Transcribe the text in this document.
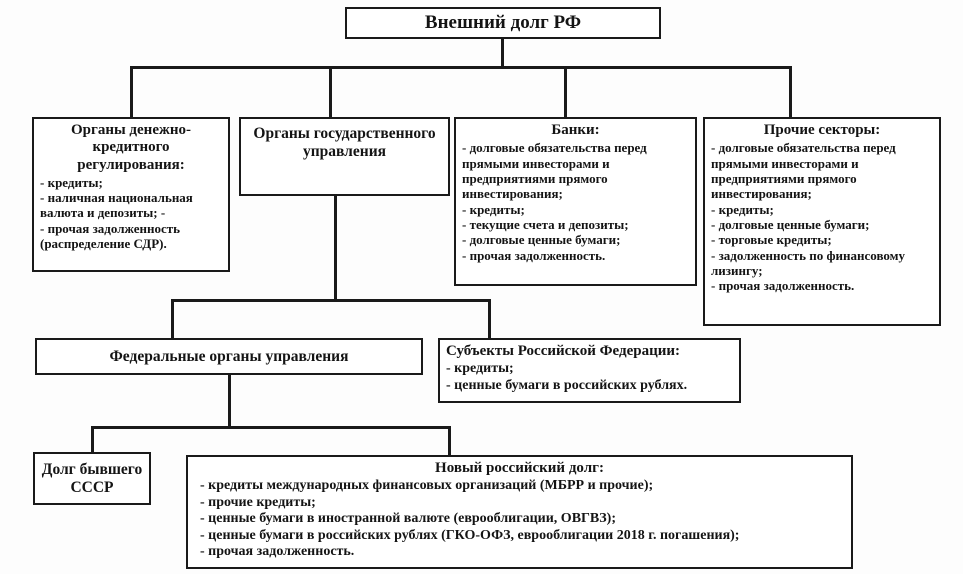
Внешний долг РФ
Органы денежно-кредитного регулирования:
- кредиты;
- наличная национальная валюта и депозиты; -
- прочая задолженность (распределение СДР).
Органы государственного управления
Банки:
- долговые обязательства перед прямыми инвесторами и предприятиями прямого инвестирования;
- кредиты;
- текущие счета и депозиты;
- долговые ценные бумаги;
- прочая задолженность.
Прочие секторы:
- долговые обязательства перед прямыми инвесторами и предприятиями прямого инвестирования;
- кредиты;
- долговые ценные бумаги;
- торговые кредиты;
- задолженность по финансовому лизингу;
- прочая задолженность.
Федеральные органы управления	Субъекты Российской Федерации:
- кредиты;
- ценные бумаги в российских рублях.
Долг бывшего СССР
Новый российский долг:
- кредиты международных финансовых организаций (МБРР и прочие);
- прочие кредиты;
- ценные бумаги в иностранной валюте (еврооблигации, ОВГВЗ);
- ценные бумаги в российских рублях (ГКО-ОФЗ, еврооблигации 2018 г. погашения);
- прочая задолженность.
